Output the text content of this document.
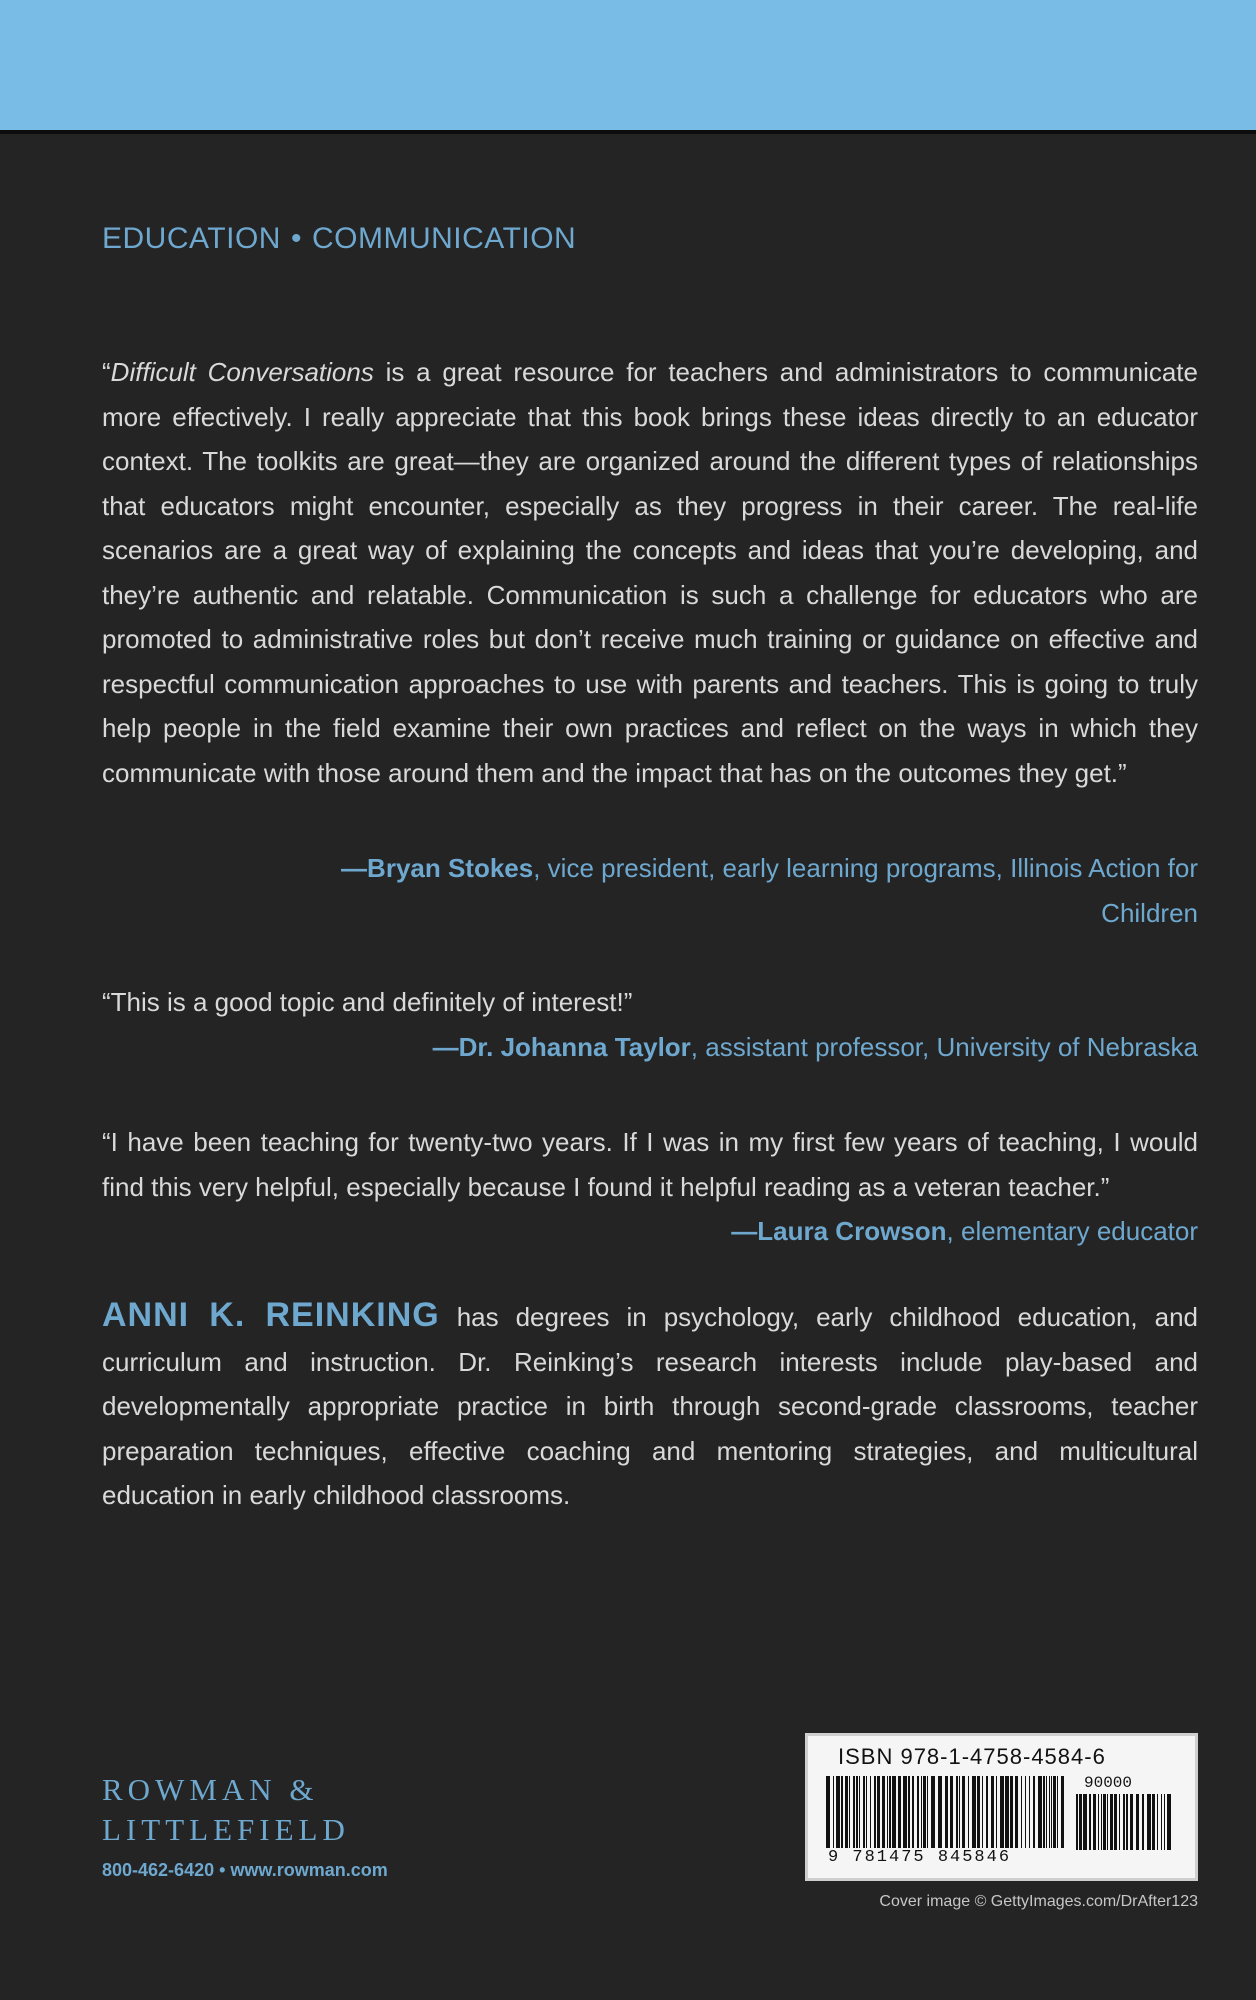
EDUCATION • COMMUNICATION
“Difficult Conversations is a great resource for teachers and administrators to communicate more effectively. I really appreciate that this book brings these ideas directly to an educator context. The toolkits are great—they are organized around the different types of relationships that educators might encounter, especially as they progress in their career. The real-life scenarios are a great way of explaining the concepts and ideas that you’re developing, and they’re authentic and relatable. Communication is such a challenge for educators who are promoted to administrative roles but don’t receive much training or guidance on effective and respectful communication approaches to use with parents and teachers. This is going to truly help people in the field examine their own practices and reflect on the ways in which they communicate with those around them and the impact that has on the outcomes they get.”
—Bryan Stokes, vice president, early learning programs, Illinois Action for Children
“This is a good topic and definitely of interest!”
—Dr. Johanna Taylor, assistant professor, University of Nebraska
“I have been teaching for twenty-two years. If I was in my first few years of teaching, I would find this very helpful, especially because I found it helpful reading as a veteran teacher.”
—Laura Crowson, elementary educator
ANNI K. REINKING has degrees in psychology, early childhood education, and curriculum and instruction. Dr. Reinking’s research interests include play-based and developmentally appropriate practice in birth through second-grade classrooms, teacher preparation techniques, effective coaching and mentoring strategies, and multicultural education in early childhood classrooms.
ROWMAN &
LITTLEFIELD
800-462-6420 • www.rowman.com
ISBN 978-1-4758-4584-6
90000
9 781475 845846
Cover image © GettyImages.com/DrAfter123
